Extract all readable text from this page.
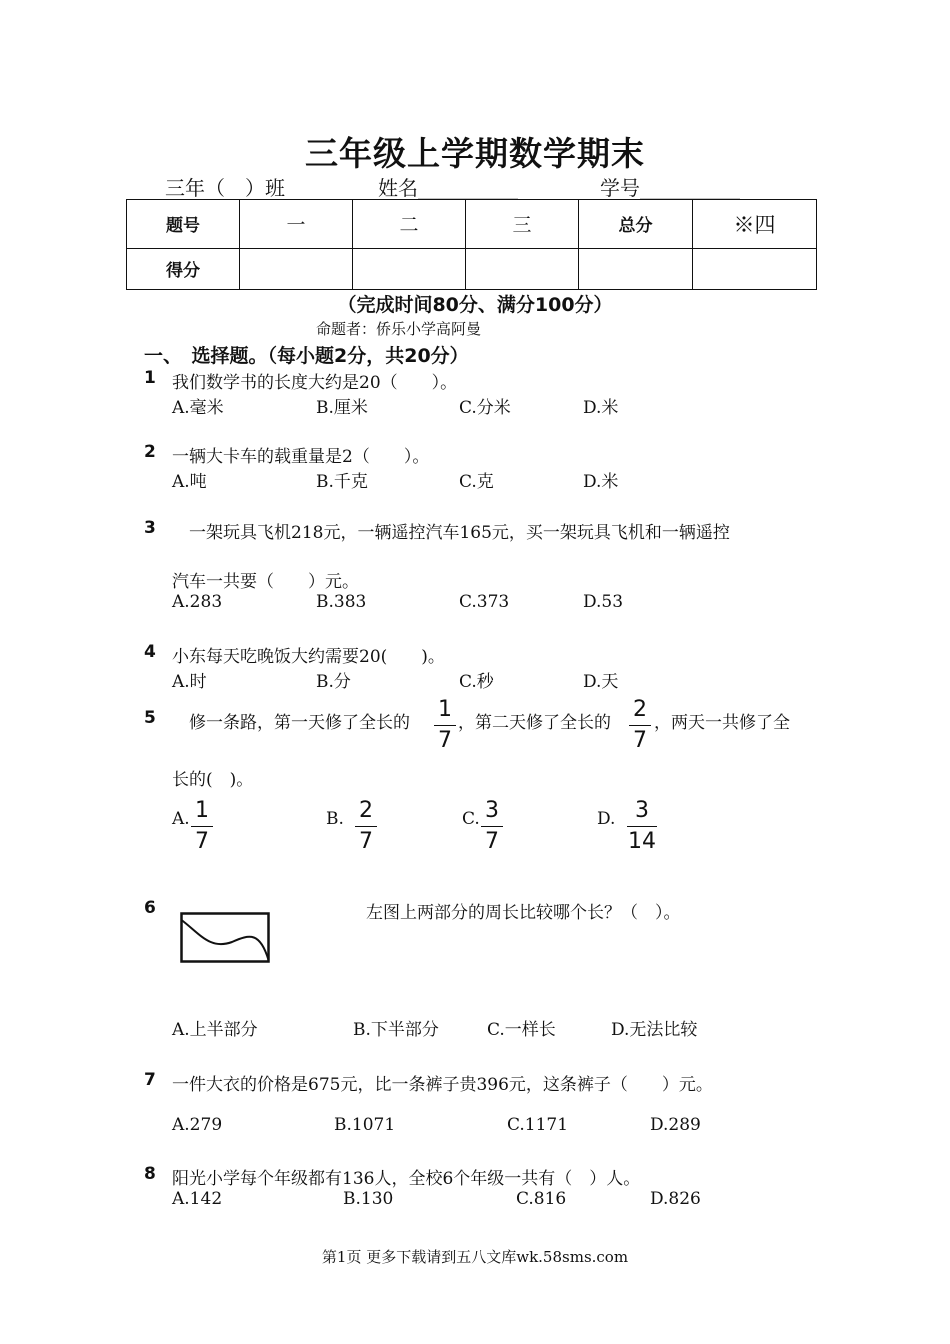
三年级上学期数学期末
三年（　）班	姓名__________	学号__________
题号	一	二	三	总分	※四
得分					
（完成时间80分、满分100分）
命题者：侨乐小学高阿曼
一、　选择题。（每小题2分，共20分）
1 我们数学书的长度大约是20（　　）。
A.毫米	B.厘米	C.分米	D.米
2 一辆大卡车的载重量是2（　　）。
A.吨	B.千克	C.克	D.米
3 　一架玩具飞机218元，一辆遥控汽车165元，买一架玩具飞机和一辆遥控
汽车一共要（　　）元。
A.283	B.383	C.373	D.53
4 小东每天吃晚饭大约需要20(　　)。
A.时	B.分	C.秒	D.天
5 　修一条路，第一天修了全长的
1
7
，第二天修了全长的
2
7
，两天一共修了全
长的(　)。
A. 1
7
B. 2
7
C. 3
7
D. 3
14
6	左图上两部分的周长比较哪个长？（　）。
A.上半部分	B.下半部分	C.一样长	D.无法比较
7 一件大衣的价格是675元，比一条裤子贵396元，这条裤子（　　）元。
A.279	B.1071	C.1171	D.289
8 阳光小学每个年级都有136人，全校6个年级一共有（　）人。
A.142	B.130	C.816	D.826
第1页 更多下载请到五八文库wk.58sms.com
